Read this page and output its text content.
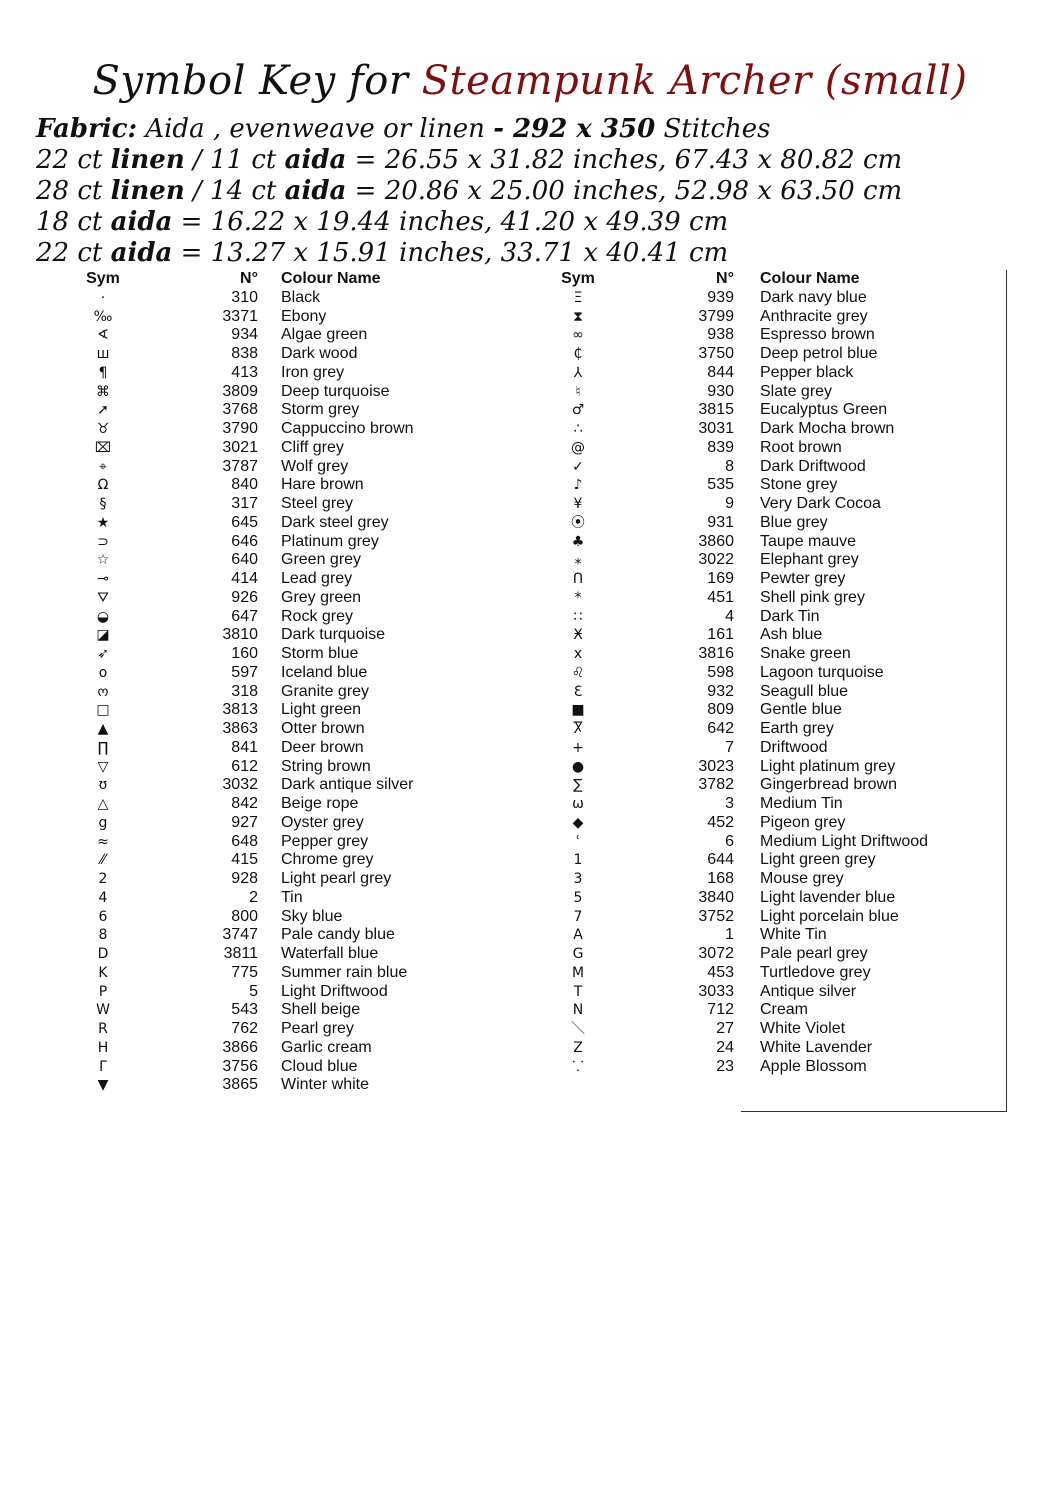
Symbol Key for Steampunk Archer (small)
Fabric: Aida , evenweave or linen - 292 x 350 Stitches
22 ct linen / 11 ct aida = 26.55 x 31.82 inches, 67.43 x 80.82 cm
28 ct linen / 14 ct aida = 20.86 x 25.00 inches, 52.98 x 63.50 cm
18 ct aida = 16.22 x 19.44 inches, 41.20 x 49.39 cm
22 ct aida = 13.27 x 15.91 inches, 33.71 x 40.41 cm
Sym	N° Colour Name
·	310 Black
‰	3371 Ebony
∢	934 Algae green
ш	838 Dark wood
¶	413 Iron grey
⌘	3809 Deep turquoise
➚	3768 Storm grey
♉	3790 Cappuccino brown
⌧	3021 Cliff grey
⌖	3787 Wolf grey
Ω	840 Hare brown
§	317 Steel grey
★	645 Dark steel grey
⊃	646 Platinum grey
☆	640 Green grey
⊸	414 Lead grey
⛛	926 Grey green
◒	647 Rock grey
◪	3810 Dark turquoise
➶	160 Storm blue
o	597 Iceland blue
ო	318 Granite grey
□	3813 Light green
▲	3863 Otter brown
∏	841 Deer brown
▽	612 String brown
ʊ	3032 Dark antique silver
△	842 Beige rope
g	927 Oyster grey
≈	648 Pepper grey
⁄⁄	415 Chrome grey
2	928 Light pearl grey
4	2 Tin
6	800 Sky blue
8	3747 Pale candy blue
D	3811 Waterfall blue
K	775 Summer rain blue
P	5 Light Driftwood
W	543 Shell beige
R	762 Pearl grey
H	3866 Garlic cream
Γ	3756 Cloud blue
▼	3865 Winter white
Sym	N° Colour Name
Ξ	939 Dark navy blue
⧗	3799 Anthracite grey
∞	938 Espresso brown
₵	3750 Deep petrol blue
⅄	844 Pepper black
♮	930 Slate grey
♂	3815 Eucalyptus Green
∴	3031 Dark Mocha brown
@	839 Root brown
✓	8 Dark Driftwood
♪	535 Stone grey
¥	9 Very Dark Cocoa
⦿	931 Blue grey
♣	3860 Taupe mauve
⁎	3022 Elephant grey
ᑎ	169 Pewter grey
*	451 Shell pink grey
∷	4 Dark Tin
Ӿ	161 Ash blue
x	3816 Snake green
♌	598 Lagoon turquoise
Ɛ	932 Seagull blue
■	809 Gentle blue
Ⴟ	642 Earth grey
+	7 Driftwood
●	3023 Light platinum grey
∑	3782 Gingerbread brown
ω	3 Medium Tin
◆	452 Pigeon grey
ʿ	6 Medium Light Driftwood
1	644 Light green grey
3	168 Mouse grey
5	3840 Light lavender blue
7	3752 Light porcelain blue
A	1 White Tin
G	3072 Pale pearl grey
M	453 Turtledove grey
T	3033 Antique silver
N	712 Cream
＼	27 White Violet
Z	24 White Lavender
⸪	23 Apple Blossom
